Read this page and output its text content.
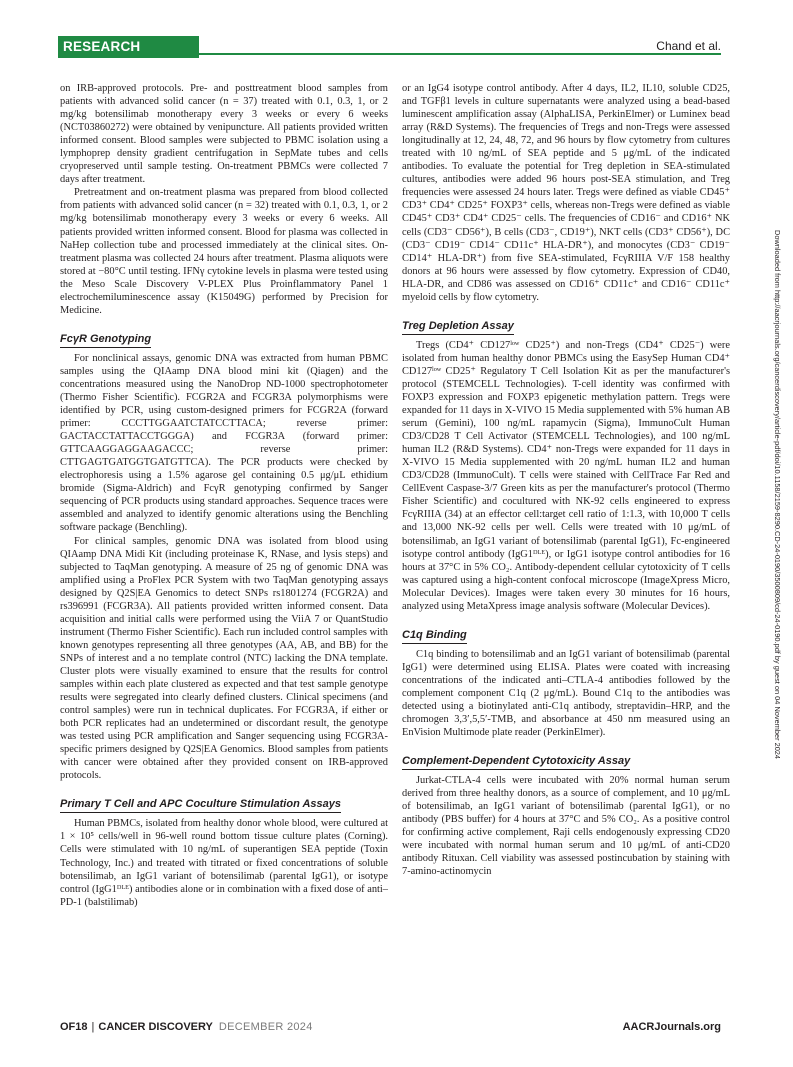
RESEARCH ARTICLE
Chand et al.

on IRB-approved protocols. Pre- and posttreatment blood samples from patients with advanced solid cancer (n = 37) treated with 0.1, 0.3, 1, or 2 mg/kg botensilimab monotherapy every 3 weeks or every 6 weeks (NCT03860272) were obtained by venipuncture. All patients provided written informed consent. Blood samples were subjected to PBMC isolation using a lymphoprep density gradient centrifugation in SepMate tubes and cells cryopreserved until sample testing. On-treatment PBMCs were collected 7 days after treatment.

Pretreatment and on-treatment plasma was prepared from blood collected from patients with advanced solid cancer (n = 32) treated with 0.1, 0.3, 1, or 2 mg/kg botensilimab monotherapy every 3 weeks or every 6 weeks. All patients provided written informed consent. Blood for plasma was collected in NaHep collection tube and processed immediately at the clinical sites. On-treatment plasma was collected 24 hours after treatment. Plasma aliquots were stored at −80°C until testing. IFNγ cytokine levels in plasma were tested using the Meso Scale Discovery V-PLEX Plus Proinflammatory Panel 1 electrochemiluminescence assay (K15049G) performed by Precision for Medicine.

FcγR Genotyping

For nonclinical assays, genomic DNA was extracted from human PBMC samples using the QIAamp DNA blood mini kit (Qiagen) and the concentrations measured using the NanoDrop ND-1000 spectrophotometer (Thermo Fisher Scientific). FCGR2A and FCGR3A polymorphisms were identified by PCR, using custom-designed primers for FCGR2A (forward primer: CCCTTGGAATCTATCCTTACA; reverse primer: GACTACCTATTACCTGGGA) and FCGR3A (forward primer: GTTCAAGGAGGAAGACCC; reverse primer: CTTGAGTGATGGTGATGTTCA). The PCR products were checked by electrophoresis using a 1.5% agarose gel containing 0.5 μg/μL ethidium bromide (Sigma-Aldrich) and FcγR genotyping confirmed by Sanger sequencing of PCR products using standard approaches. Sequence traces were assembled and analyzed to identify genomic alterations using the Benchling software package (Benchling).

For clinical samples, genomic DNA was isolated from blood using QIAamp DNA Midi Kit (including proteinase K, RNase, and lysis steps) and subjected to TaqMan genotyping. A measure of 25 ng of genomic DNA was amplified using a ProFlex PCR System with two TaqMan genotyping assays designed by Q2S|EA Genomics to detect SNPs rs1801274 (FCGR2A) and rs396991 (FCGR3A). All patients provided written informed consent. Data acquisition and initial calls were performed using the ViiA 7 or QuantStudio instrument (Thermo Fisher Scientific). Each run included control samples with known genotypes representing all three genotypes (AA, AB, and BB) for the SNPs of interest and a no template control (NTC) lacking the DNA template. Cluster plots were visually examined to ensure that the results for control samples within each plate clustered as expected and that test sample genotype results were segregated into clearly defined clusters. Clinical specimens (and control samples) were run in technical duplicates. For FCGR3A, if either or both PCR replicates had an undetermined or discordant result, the genotype was tested using PCR amplification and Sanger sequencing using FCGR3A-specific primers designed by Q2S|EA Genomics. Blood samples from patients with cancer were obtained after they provided consent on IRB-approved protocols.

Primary T Cell and APC Coculture Stimulation Assays

Human PBMCs, isolated from healthy donor whole blood, were cultured at 1 × 10⁵ cells/well in 96-well round bottom tissue culture plates (Corning). Cells were stimulated with 10 ng/mL of superantigen SEA peptide (Toxin Technology, Inc.) and treated with titrated or fixed concentrations of soluble botensilimab, an IgG1 variant of botensilimab (parental IgG1), or isotype control (IgG1ᴰᴸᴱ) antibodies alone or in combination with a fixed dose of anti–PD-1 (balstilimab)

or an IgG4 isotype control antibody. After 4 days, IL2, IL10, soluble CD25, and TGFβ1 levels in culture supernatants were analyzed using a bead-based luminescent amplification assay (AlphaLISA, PerkinElmer) or Luminex bead array (R&D Systems). The frequencies of Tregs and non-Tregs were assessed longitudinally at 12, 24, 48, 72, and 96 hours by flow cytometry from cultures treated with 10 ng/mL of SEA peptide and 5 μg/mL of the indicated antibodies. To evaluate the potential for Treg depletion in SEA-stimulated cultures, antibodies were added 96 hours post-SEA stimulation, and Treg frequencies were assessed 24 hours later. Tregs were defined as viable CD45⁺ CD3⁺ CD4⁺ CD25⁺ FOXP3⁺ cells, whereas non-Tregs were defined as viable CD45⁺ CD3⁺ CD4⁺ CD25⁻ cells. The frequencies of CD16⁻ and CD16⁺ NK cells (CD3⁻ CD56⁺), B cells (CD3⁻, CD19⁺), NKT cells (CD3⁺ CD56⁺), DC (CD3⁻ CD19⁻ CD14⁻ CD11c⁺ HLA-DR⁺), and monocytes (CD3⁻ CD19⁻ CD14⁺ HLA-DR⁺) from five SEA-stimulated, FcγRIIIA V/F 158 healthy donors at 96 hours were assessed by flow cytometry. Expression of CD40, HLA-DR, and CD86 was assessed on CD16⁺ CD11c⁺ and CD16⁻ CD11c⁺ myeloid cells by flow cytometry.

Treg Depletion Assay

Tregs (CD4⁺ CD127ˡᵒʷ CD25⁺) and non-Tregs (CD4⁺ CD25⁻) were isolated from human healthy donor PBMCs using the EasySep Human CD4⁺ CD127ˡᵒʷ CD25⁺ Regulatory T Cell Isolation Kit as per the manufacturer's protocol (STEMCELL Technologies). T-cell identity was confirmed with FOXP3 expression and FOXP3 epigenetic methylation pattern. Tregs were expanded for 11 days in X-VIVO 15 Media supplemented with 5% human AB serum (Gemini), 100 ng/mL rapamycin (Sigma), ImmunoCult Human CD3/CD28 T Cell Activator (STEMCELL Technologies), and 100 ng/mL human IL2 (R&D Systems). CD4⁺ non-Tregs were expanded for 11 days in X-VIVO 15 Media supplemented with 20 ng/mL human IL2 and human CD3/CD28 (ImmunoCult). T cells were stained with CellTrace Far Red and CellEvent Caspase-3/7 Green kits as per the manufacturer's protocol (Thermo Fisher Scientific) and cocultured with NK-92 cells engineered to express FcγRIIIA (34) at an effector cell:target cell ratio of 1:1.3, with 10,000 T cells and 13,000 NK-92 cells per well. Cells were treated with 10 μg/mL of botensilimab, an IgG1 variant of botensilimab (parental IgG1), Fc-engineered isotype control antibody (IgG1ᴰᴸᴱ), or IgG1 isotype control antibodies for 16 hours at 37°C in 5% CO₂. Antibody-dependent cellular cytotoxicity of T cells was captured using a high-content confocal microscope (ImageXpress Micro, Molecular Devices). Images were taken every 30 minutes for 16 hours, analyzed using MetaXpress image analysis software (Molecular Devices).

C1q Binding

C1q binding to botensilimab and an IgG1 variant of botensilimab (parental IgG1) were determined using ELISA. Plates were coated with increasing concentrations of the indicated anti–CTLA-4 antibodies followed by the complement component C1q (2 μg/mL). Bound C1q to the antibodies was detected using a biotinylated anti-C1q antibody, streptavidin–HRP, and the chromogen 3,3′,5,5′-TMB, and absorbance at 450 nm measured using an EnVision Multimode plate reader (PerkinElmer).

Complement-Dependent Cytotoxicity Assay

Jurkat-CTLA-4 cells were incubated with 20% normal human serum derived from three healthy donors, as a source of complement, and 10 μg/mL of botensilimab, an IgG1 variant of botensilimab (parental IgG1), or no antibody (PBS buffer) for 4 hours at 37°C and 5% CO₂. As a positive control for confirming active complement, Raji cells endogenously expressing CD20 were incubated with normal human serum and 10 μg/mL of anti-CD20 antibody Rituxan. Cell viability was assessed postincubation by staining with 7-amino-actinomycin

Downloaded from http://aacrjournals.org/cancerdiscovery/article-pdf/doi/10.1158/2159-8290.CD-24-0190/3500809/cd-24-0190.pdf by guest on 04 November 2024
OF18 | CANCER DISCOVERY DECEMBER 2024	AACRJournals.org
